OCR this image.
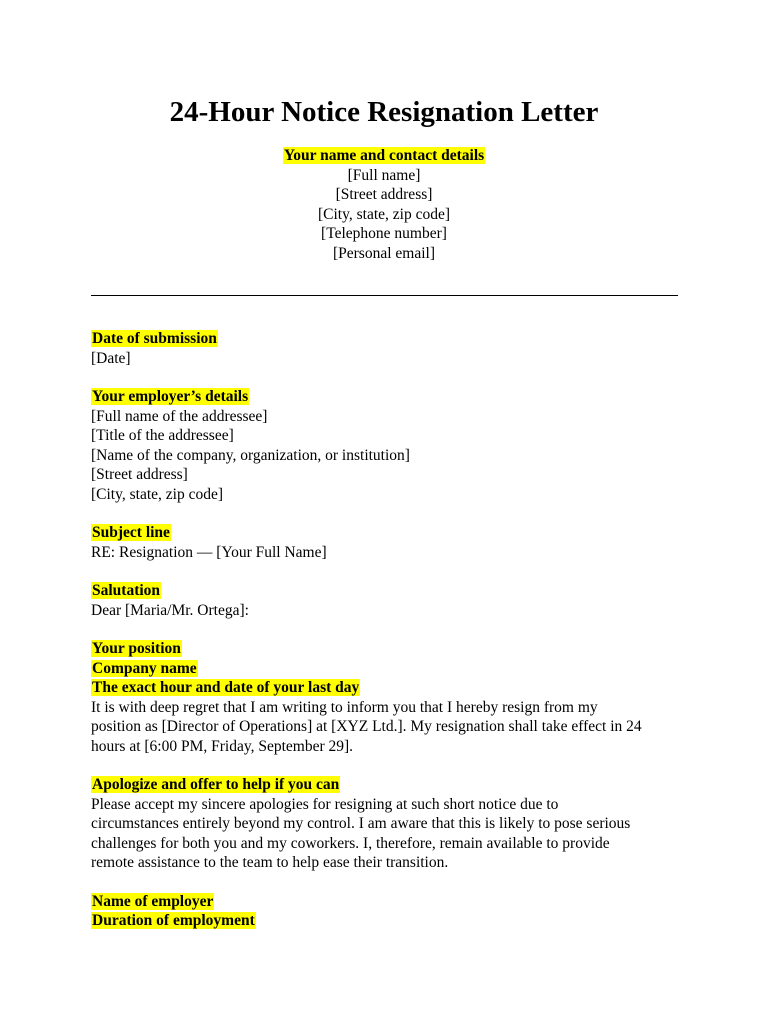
24-Hour Notice Resignation Letter
Your name and contact details
[Full name]
[Street address]
[City, state, zip code]
[Telephone number]
[Personal email]
Date of submission
[Date]
Your employer’s details
[Full name of the addressee]
[Title of the addressee]
[Name of the company, organization, or institution]
[Street address]
[City, state, zip code]
Subject line
RE: Resignation — [Your Full Name]
Salutation
Dear [Maria/Mr. Ortega]:
Your position
Company name
The exact hour and date of your last day
It is with deep regret that I am writing to inform you that I hereby resign from my
position as [Director of Operations] at [XYZ Ltd.]. My resignation shall take effect in 24
hours at [6:00 PM, Friday, September 29].
Apologize and offer to help if you can
Please accept my sincere apologies for resigning at such short notice due to
circumstances entirely beyond my control. I am aware that this is likely to pose serious
challenges for both you and my coworkers. I, therefore, remain available to provide
remote assistance to the team to help ease their transition.
Name of employer
Duration of employment
